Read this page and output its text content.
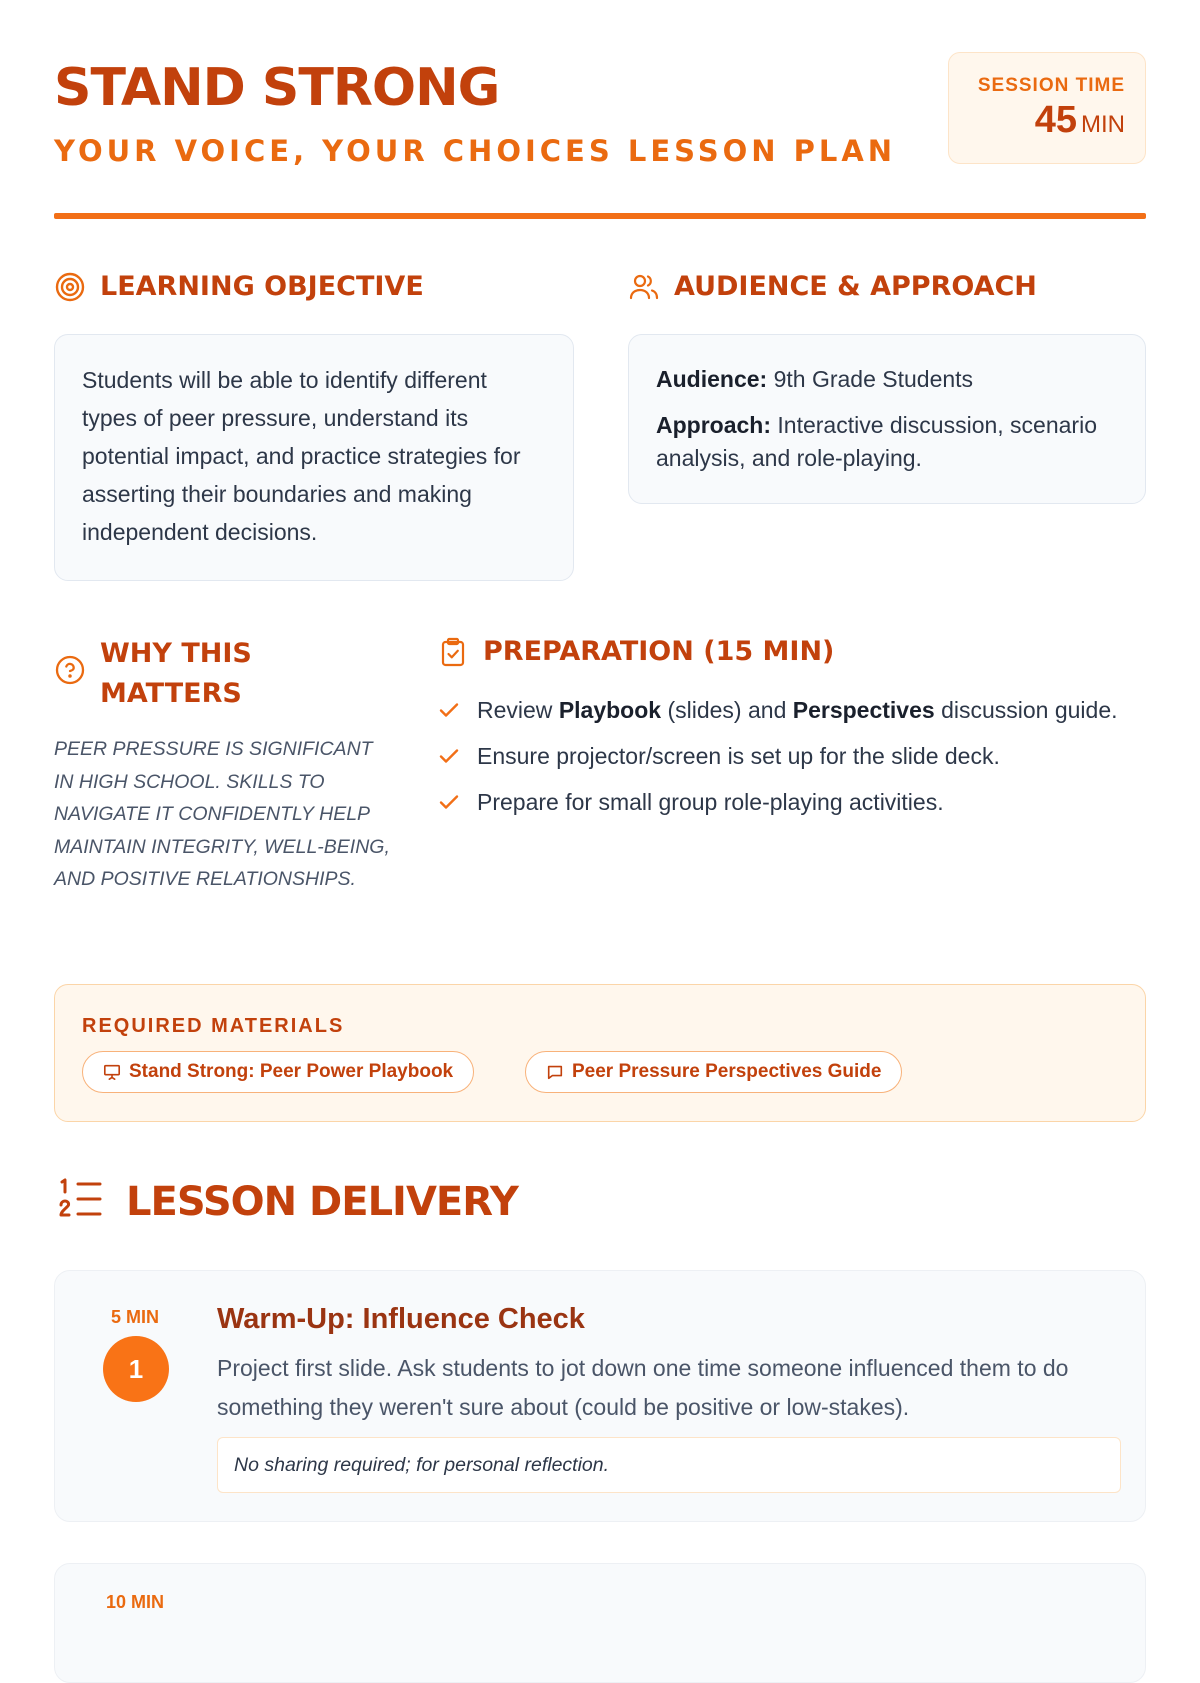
STAND STRONG
YOUR VOICE, YOUR CHOICES LESSON PLAN
SESSION TIME
45 MIN
LEARNING OBJECTIVE
Students will be able to identify different types of peer pressure, understand its potential impact, and practice strategies for asserting their boundaries and making independent decisions.
AUDIENCE & APPROACH
Audience: 9th Grade Students
Approach: Interactive discussion, scenario analysis, and role-playing.
WHY THIS
MATTERS
PEER PRESSURE IS SIGNIFICANT IN HIGH SCHOOL. SKILLS TO NAVIGATE IT CONFIDENTLY HELP MAINTAIN INTEGRITY, WELL-BEING, AND POSITIVE RELATIONSHIPS.
PREPARATION (15 MIN)
Review Playbook (slides) and Perspectives discussion guide.
Ensure projector/screen is set up for the slide deck.
Prepare for small group role-playing activities.
REQUIRED MATERIALS
Stand Strong: Peer Power Playbook	Peer Pressure Perspectives Guide
LESSON DELIVERY
5 MIN
1
Warm-Up: Influence Check
Project first slide. Ask students to jot down one time someone influenced them to do something they weren't sure about (could be positive or low-stakes).
No sharing required; for personal reflection.
10 MIN
